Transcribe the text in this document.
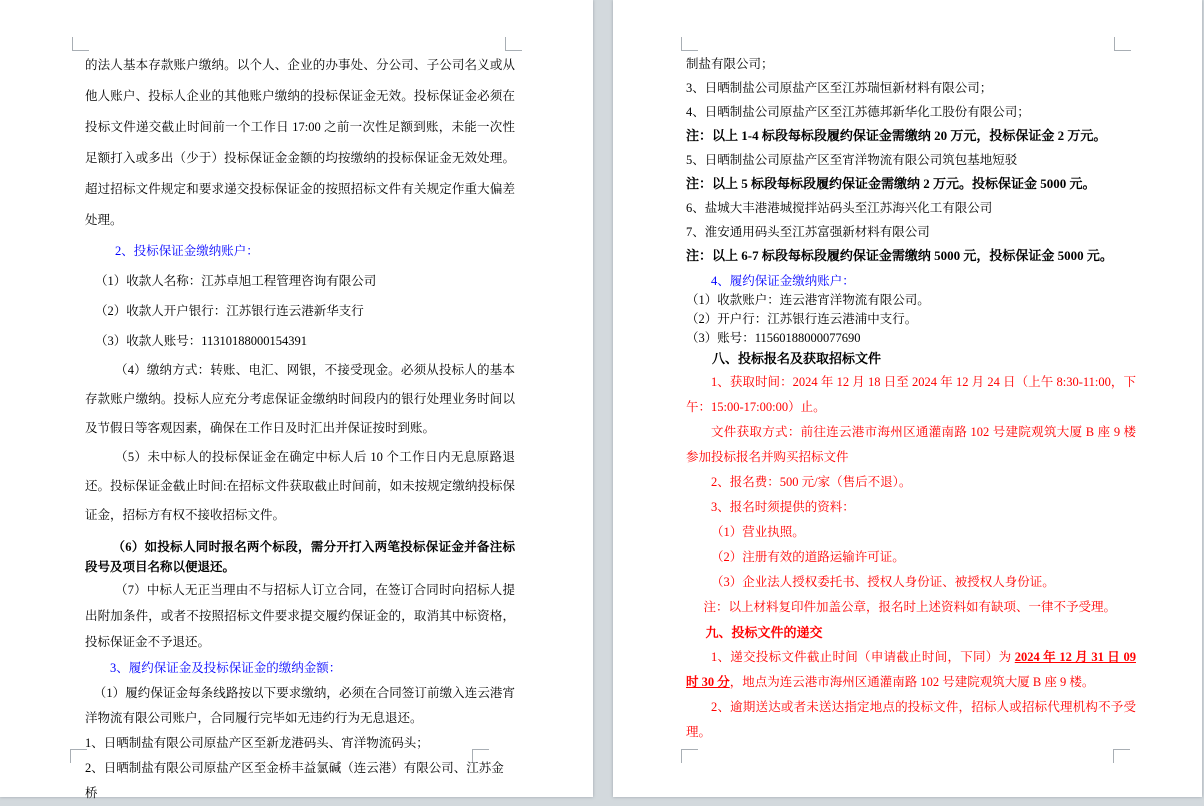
的法人基本存款账户缴纳。以个人、企业的办事处、分公司、子公司名义或从他人账户、投标人企业的其他账户缴纳的投标保证金无效。投标保证金必须在投标文件递交截止时间前一个工作日 17:00 之前一次性足额到账，未能一次性足额打入或多出（少于）投标保证金金额的均按缴纳的投标保证金无效处理。超过招标文件规定和要求递交投标保证金的按照招标文件有关规定作重大偏差处理。

2、投标保证金缴纳账户：

（1）收款人名称：江苏卓旭工程管理咨询有限公司

（2）收款人开户银行：江苏银行连云港新华支行

（3）收款人账号：11310188000154391

（4）缴纳方式：转账、电汇、网银，不接受现金。必须从投标人的基本存款账户缴纳。投标人应充分考虑保证金缴纳时间段内的银行处理业务时间以及节假日等客观因素，确保在工作日及时汇出并保证按时到账。

（5）未中标人的投标保证金在确定中标人后 10 个工作日内无息原路退还。投标保证金截止时间:在招标文件获取截止时间前，如未按规定缴纳投标保证金，招标方有权不接收招标文件。

（6）如投标人同时报名两个标段，需分开打入两笔投标保证金并备注标段号及项目名称以便退还。

（7）中标人无正当理由不与招标人订立合同，在签订合同时向招标人提出附加条件，或者不按照招标文件要求提交履约保证金的，取消其中标资格，投标保证金不予退还。

3、履约保证金及投标保证金的缴纳金额：

（1）履约保证金每条线路按以下要求缴纳，必须在合同签订前缴入连云港宵洋物流有限公司账户，合同履行完毕如无违约行为无息退还。

1、日晒制盐有限公司原盐产区至新龙港码头、宵洋物流码头；

2、日晒制盐有限公司原盐产区至金桥丰益氯碱（连云港）有限公司、江苏金桥

制盐有限公司；

3、日晒制盐公司原盐产区至江苏瑞恒新材料有限公司；

4、日晒制盐公司原盐产区至江苏德邦新华化工股份有限公司；

注：以上 1-4 标段每标段履约保证金需缴纳 20 万元，投标保证金 2 万元。

5、日晒制盐公司原盐产区至宵洋物流有限公司筑包基地短驳

注：以上 5 标段每标段履约保证金需缴纳 2 万元。投标保证金 5000 元。

6、盐城大丰港港城搅拌站码头至江苏海兴化工有限公司

7、淮安通用码头至江苏富强新材料有限公司

注：以上 6-7 标段每标段履约保证金需缴纳 5000 元，投标保证金 5000 元。

4、履约保证金缴纳账户：

（1）收款账户：连云港宵洋物流有限公司。

（2）开户行：江苏银行连云港浦中支行。

（3）账号：11560188000077690

八、投标报名及获取招标文件

1、获取时间：2024 年 12 月 18 日至 2024 年 12 月 24 日（上午 8:30-11:00，下午：15:00-17:00:00）止。

文件获取方式：前往连云港市海州区通灌南路 102 号建院观筑大厦 B 座 9 楼参加投标报名并购买招标文件

2、报名费：500 元/家（售后不退）。

3、报名时须提供的资料：

（1）营业执照。

（2）注册有效的道路运输许可证。

（3）企业法人授权委托书、授权人身份证、被授权人身份证。

注：以上材料复印件加盖公章，报名时上述资料如有缺项、一律不予受理。

九、投标文件的递交

1、递交投标文件截止时间（申请截止时间，下同）为 2024 年 12 月 31 日 09 时 30 分，地点为连云港市海州区通灌南路 102 号建院观筑大厦 B 座 9 楼。

2、逾期送达或者未送达指定地点的投标文件，招标人或招标代理机构不予受理。
